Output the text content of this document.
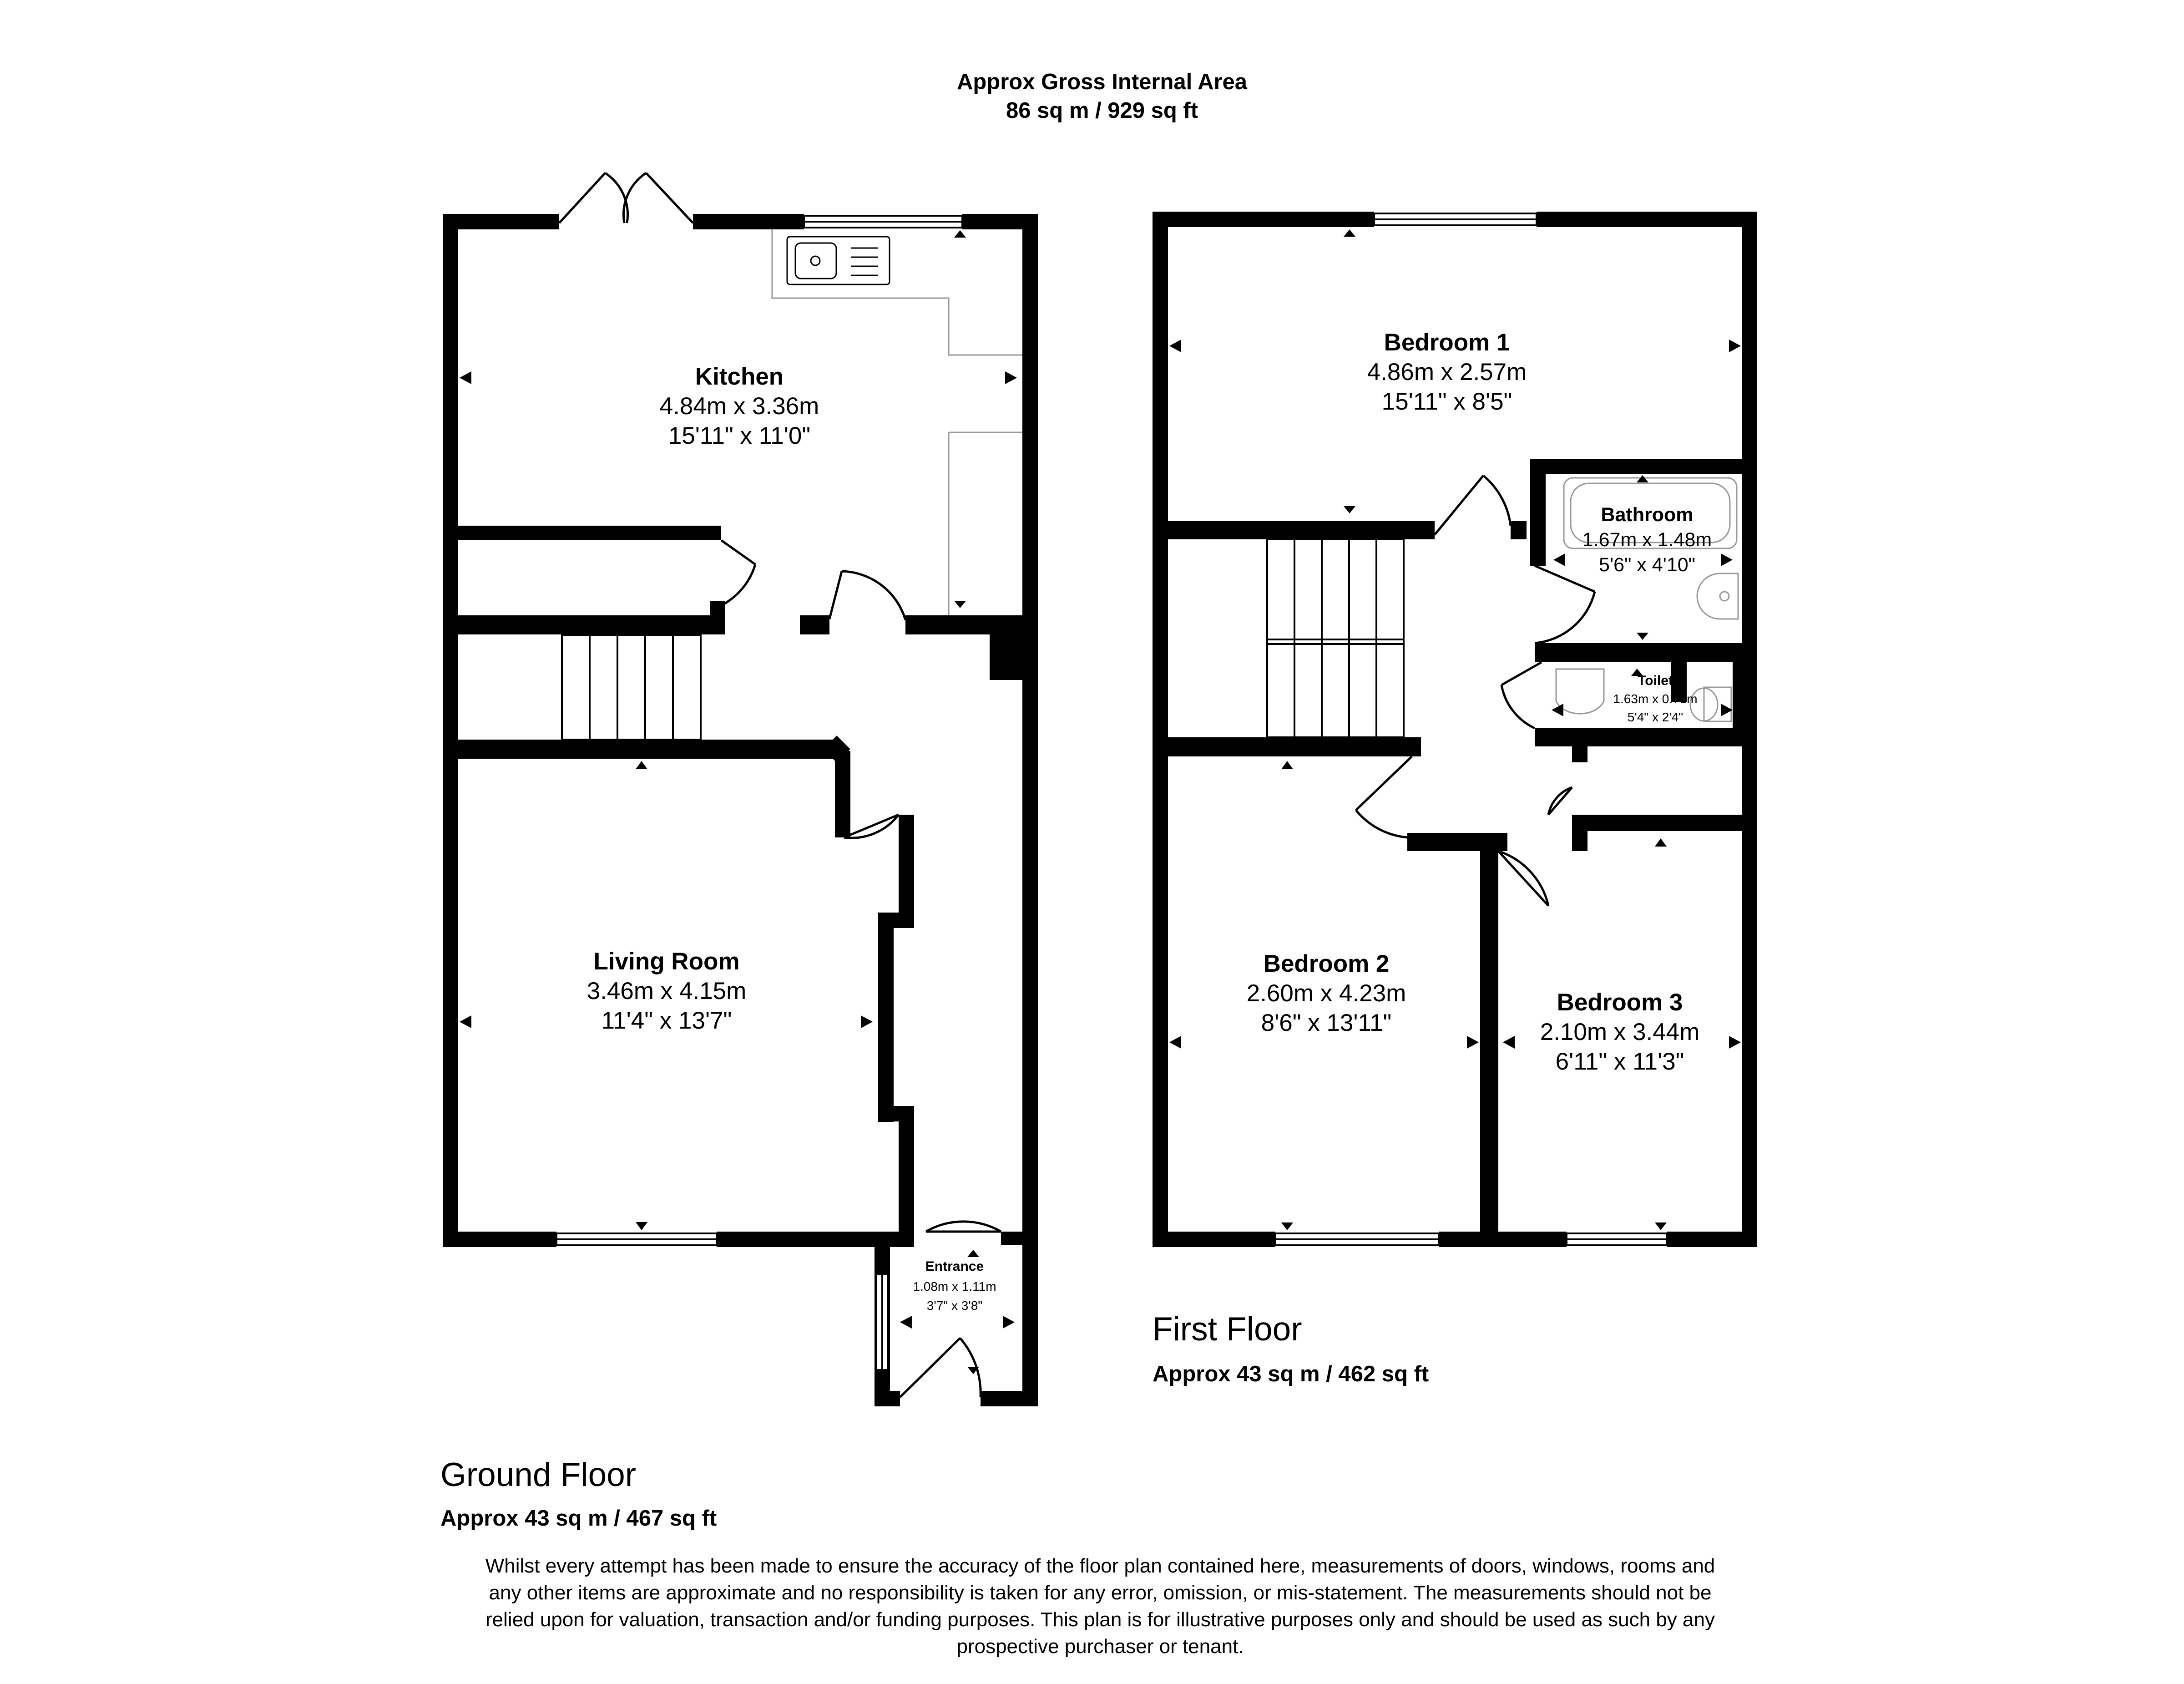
Approx Gross Internal Area
86 sq m / 929 sq ft
Kitchen
4.84m x 3.36m
15'11" x 11'0"
Living Room
3.46m x 4.15m
11'4" x 13'7"
Entrance
1.08m x 1.11m
3'7" x 3'8"
Bedroom 1
4.86m x 2.57m
15'11" x 8'5"
Bathroom
1.67m x 1.48m
5'6" x 4'10"
Toilet
1.63m x 0.71m
5'4" x 2'4"
Bedroom 2
2.60m x 4.23m
8'6" x 13'11"
Bedroom 3
2.10m x 3.44m
6'11" x 11'3"
First Floor
Approx 43 sq m / 462 sq ft
Ground Floor
Approx 43 sq m / 467 sq ft
Whilst every attempt has been made to ensure the accuracy of the floor plan contained here, measurements of doors, windows, rooms and
any other items are approximate and no responsibility is taken for any error, omission, or mis-statement. The measurements should not be
relied upon for valuation, transaction and/or funding purposes. This plan is for illustrative purposes only and should be used as such by any
prospective purchaser or tenant.
